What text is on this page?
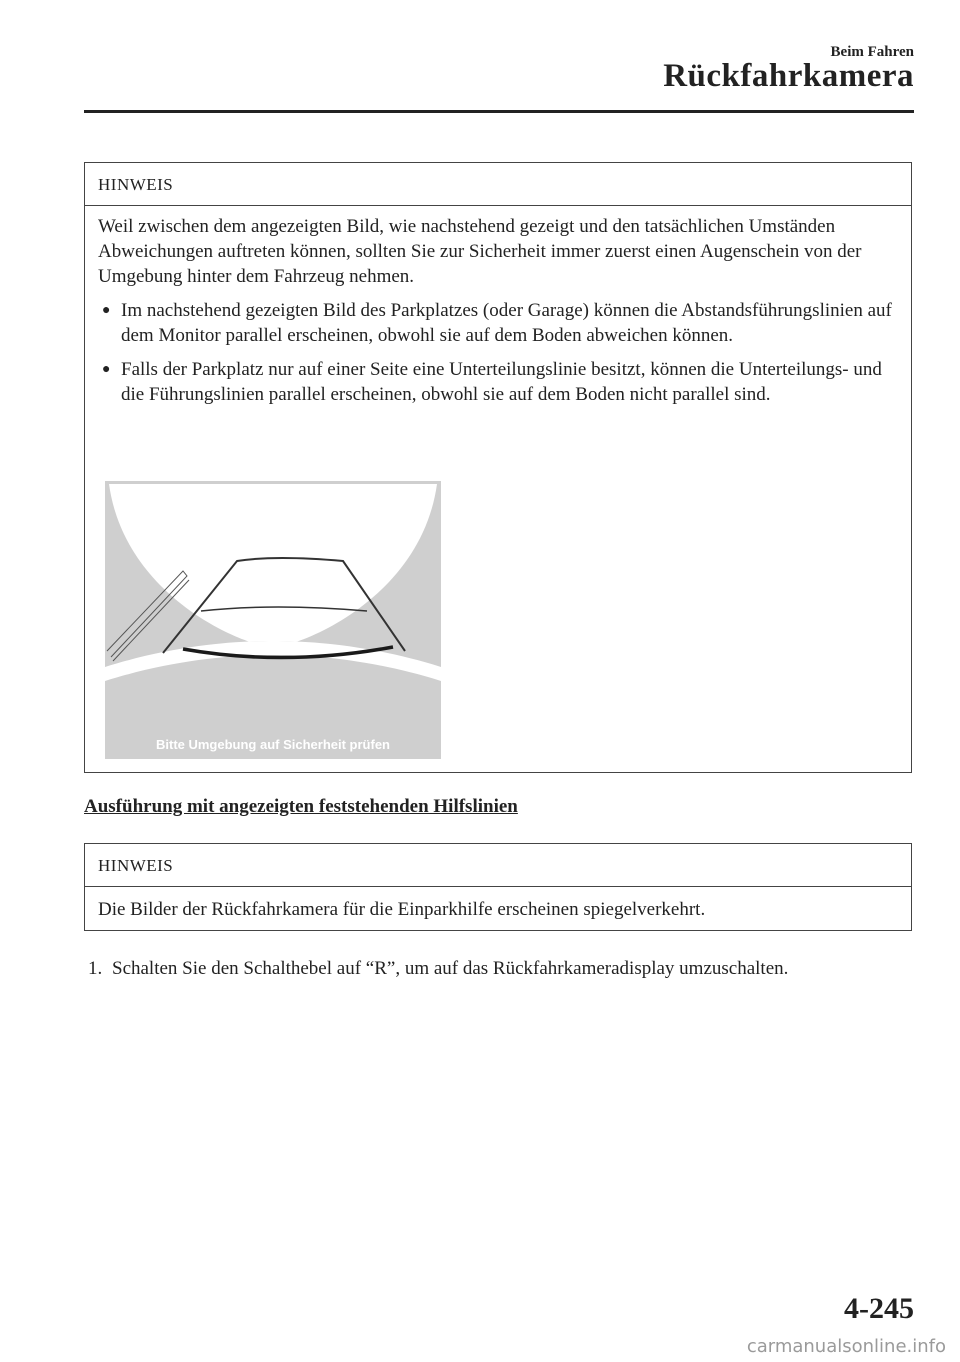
Beim Fahren
Rückfahrkamera
HINWEIS

Weil zwischen dem angezeigten Bild, wie nachstehend gezeigt und den tatsächlichen Umständen Abweichungen auftreten können, sollten Sie zur Sicherheit immer zuerst einen Augenschein von der Umgebung hinter dem Fahrzeug nehmen.

● Im nachstehend gezeigten Bild des Parkplatzes (oder Garage) können die Abstandsführungslinien auf dem Monitor parallel erscheinen, obwohl sie auf dem Boden abweichen können.
● Falls der Parkplatz nur auf einer Seite eine Unterteilungslinie besitzt, können die Unterteilungs- und die Führungslinien parallel erscheinen, obwohl sie auf dem Boden nicht parallel sind.
Bitte Umgebung auf Sicherheit prüfen
Ausführung mit angezeigten feststehenden Hilfslinien
HINWEIS

Die Bilder der Rückfahrkamera für die Einparkhilfe erscheinen spiegelverkehrt.

1. Schalten Sie den Schalthebel auf “R”, um auf das Rückfahrkameradisplay umzuschalten.
4-245
carmanualsonline.info
